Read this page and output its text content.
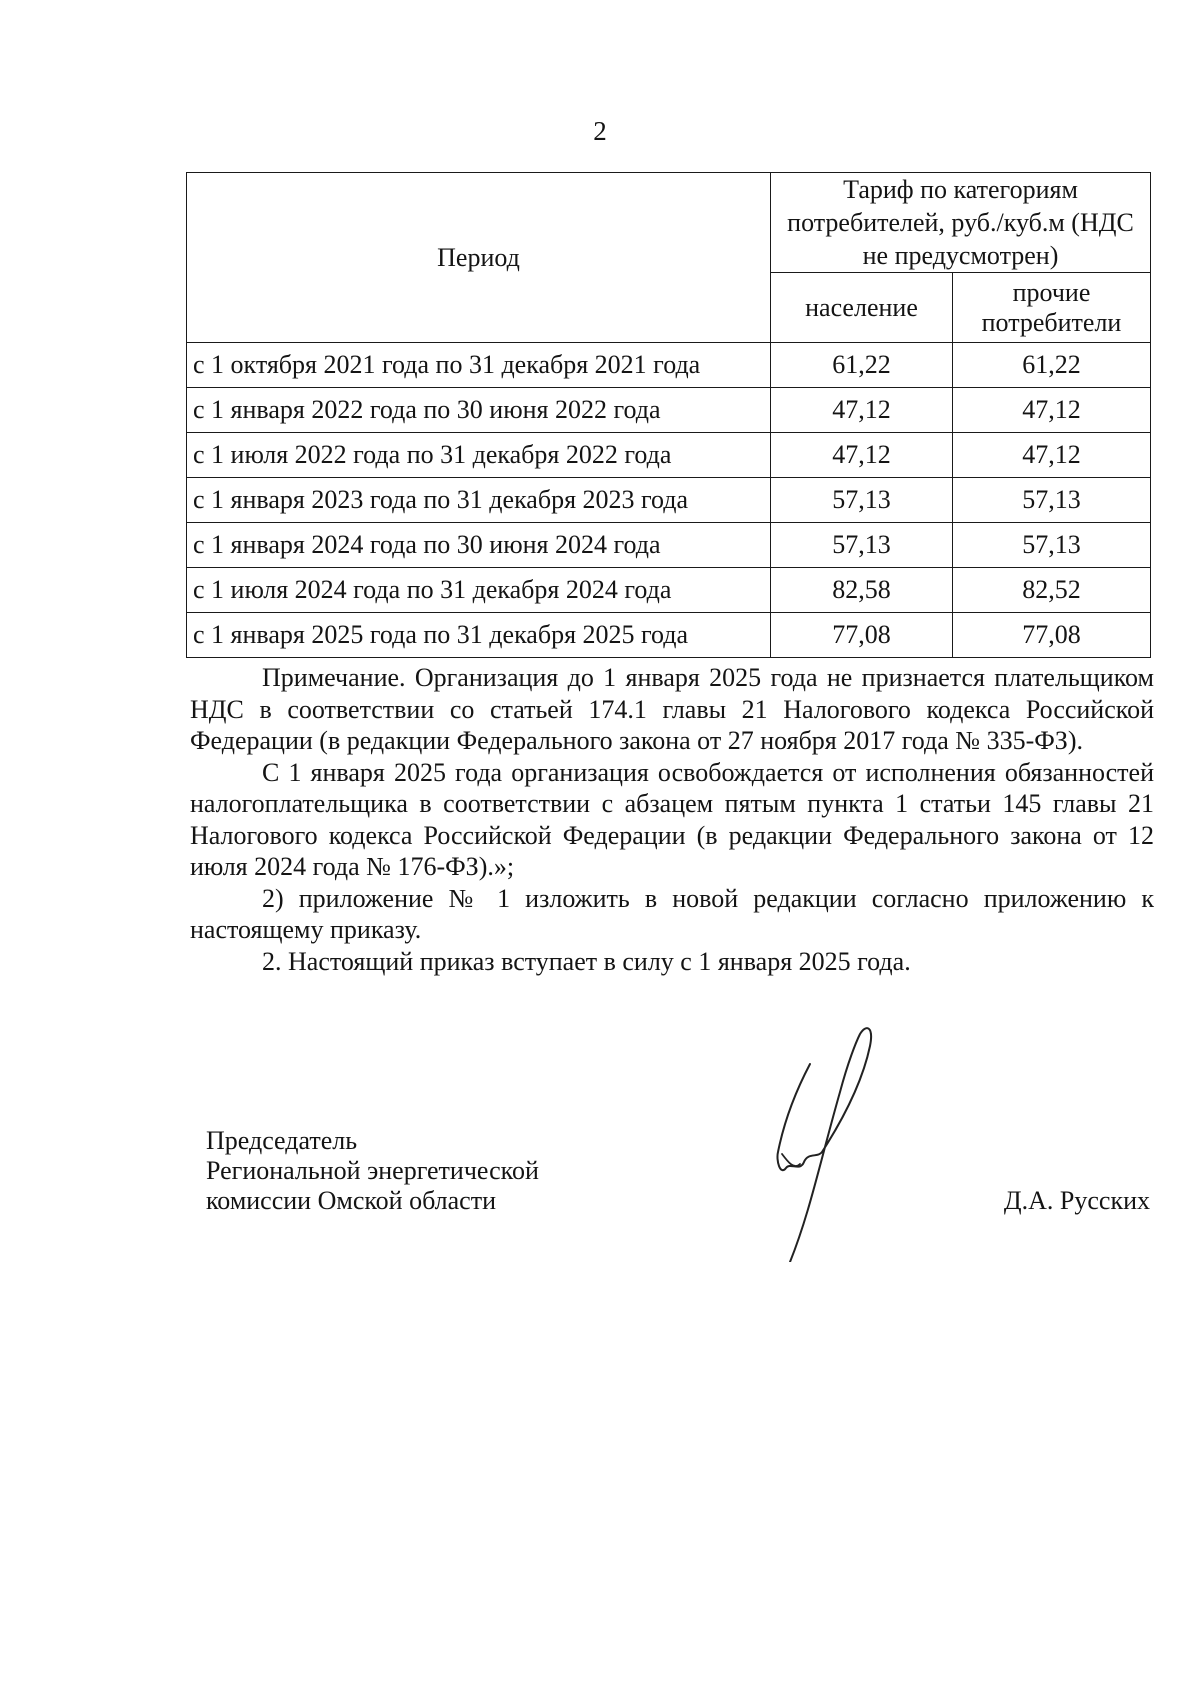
2
Период	Тариф по категориям потребителей, руб./куб.м (НДС не предусмотрен)	
	население	прочие потребители
с 1 октября 2021 года по 31 декабря 2021 года	61,22	61,22
с 1 января 2022 года по 30 июня 2022 года	47,12	47,12
с 1 июля 2022 года по 31 декабря 2022 года	47,12	47,12
с 1 января 2023 года по 31 декабря 2023 года	57,13	57,13
с 1 января 2024 года по 30 июня 2024 года	57,13	57,13
с 1 июля 2024 года по 31 декабря 2024 года	82,58	82,52
с 1 января 2025 года по 31 декабря 2025 года	77,08	77,08

Примечание. Организация до 1 января 2025 года не признается плательщиком НДС в соответствии со статьей 174.1 главы 21 Налогового кодекса Российской Федерации (в редакции Федерального закона от 27 ноября 2017 года № 335-ФЗ).

С 1 января 2025 года организация освобождается от исполнения обязанностей налогоплательщика в соответствии с абзацем пятым пункта 1 статьи 145 главы 21 Налогового кодекса Российской Федерации (в редакции Федерального закона от 12 июля 2024 года № 176-ФЗ).»;

2) приложение № 1 изложить в новой редакции согласно приложению к настоящему приказу.

2. Настоящий приказ вступает в силу с 1 января 2025 года.

Председатель
Региональной энергетической
комиссии Омской области	Д.А. Русских
